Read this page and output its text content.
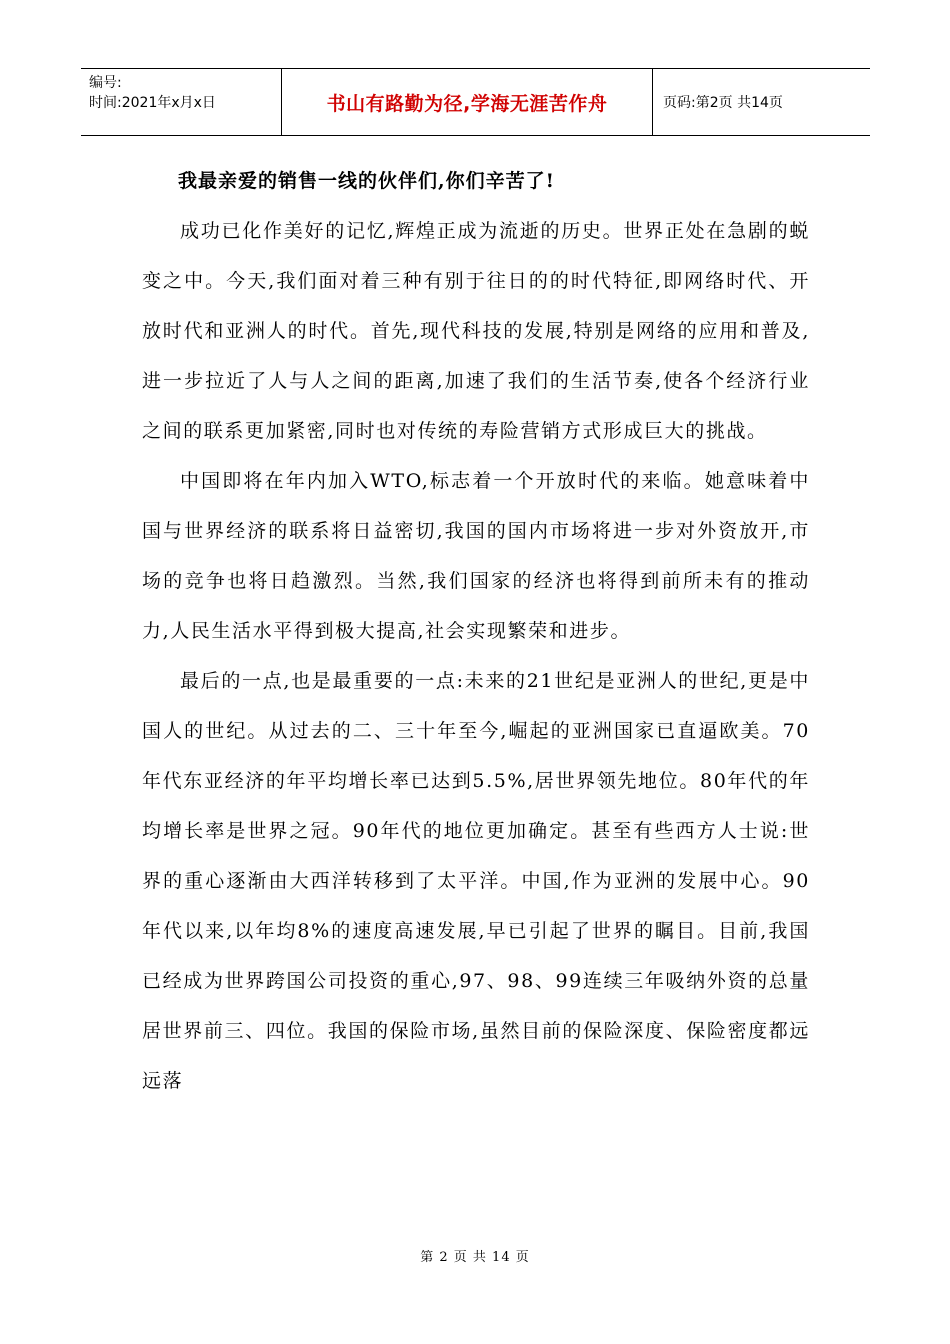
编号:
时间:2021年x月x日	书山有路勤为径,学海无涯苦作舟	页码:第2页 共14页

我最亲爱的销售一线的伙伴们,你们辛苦了!

成功已化作美好的记忆,辉煌正成为流逝的历史。世界正处在急剧的蜕变之中。今天,我们面对着三种有别于往日的的时代特征,即网络时代、开放时代和亚洲人的时代。首先,现代科技的发展,特别是网络的应用和普及,进一步拉近了人与人之间的距离,加速了我们的生活节奏,使各个经济行业之间的联系更加紧密,同时也对传统的寿险营销方式形成巨大的挑战。

中国即将在年内加入WTO,标志着一个开放时代的来临。她意味着中国与世界经济的联系将日益密切,我国的国内市场将进一步对外资放开,市场的竞争也将日趋激烈。当然,我们国家的经济也将得到前所未有的推动力,人民生活水平得到极大提高,社会实现繁荣和进步。

最后的一点,也是最重要的一点:未来的21世纪是亚洲人的世纪,更是中国人的世纪。从过去的二、三十年至今,崛起的亚洲国家已直逼欧美。70年代东亚经济的年平均增长率已达到5.5%,居世界领先地位。80年代的年均增长率是世界之冠。90年代的地位更加确定。甚至有些西方人士说:世界的重心逐渐由大西洋转移到了太平洋。中国,作为亚洲的发展中心。90年代以来,以年均8%的速度高速发展,早已引起了世界的瞩目。目前,我国已经成为世界跨国公司投资的重心,97、98、99连续三年吸纳外资的总量居世界前三、四位。我国的保险市场,虽然目前的保险深度、保险密度都远远落

第 2 页 共 14 页
